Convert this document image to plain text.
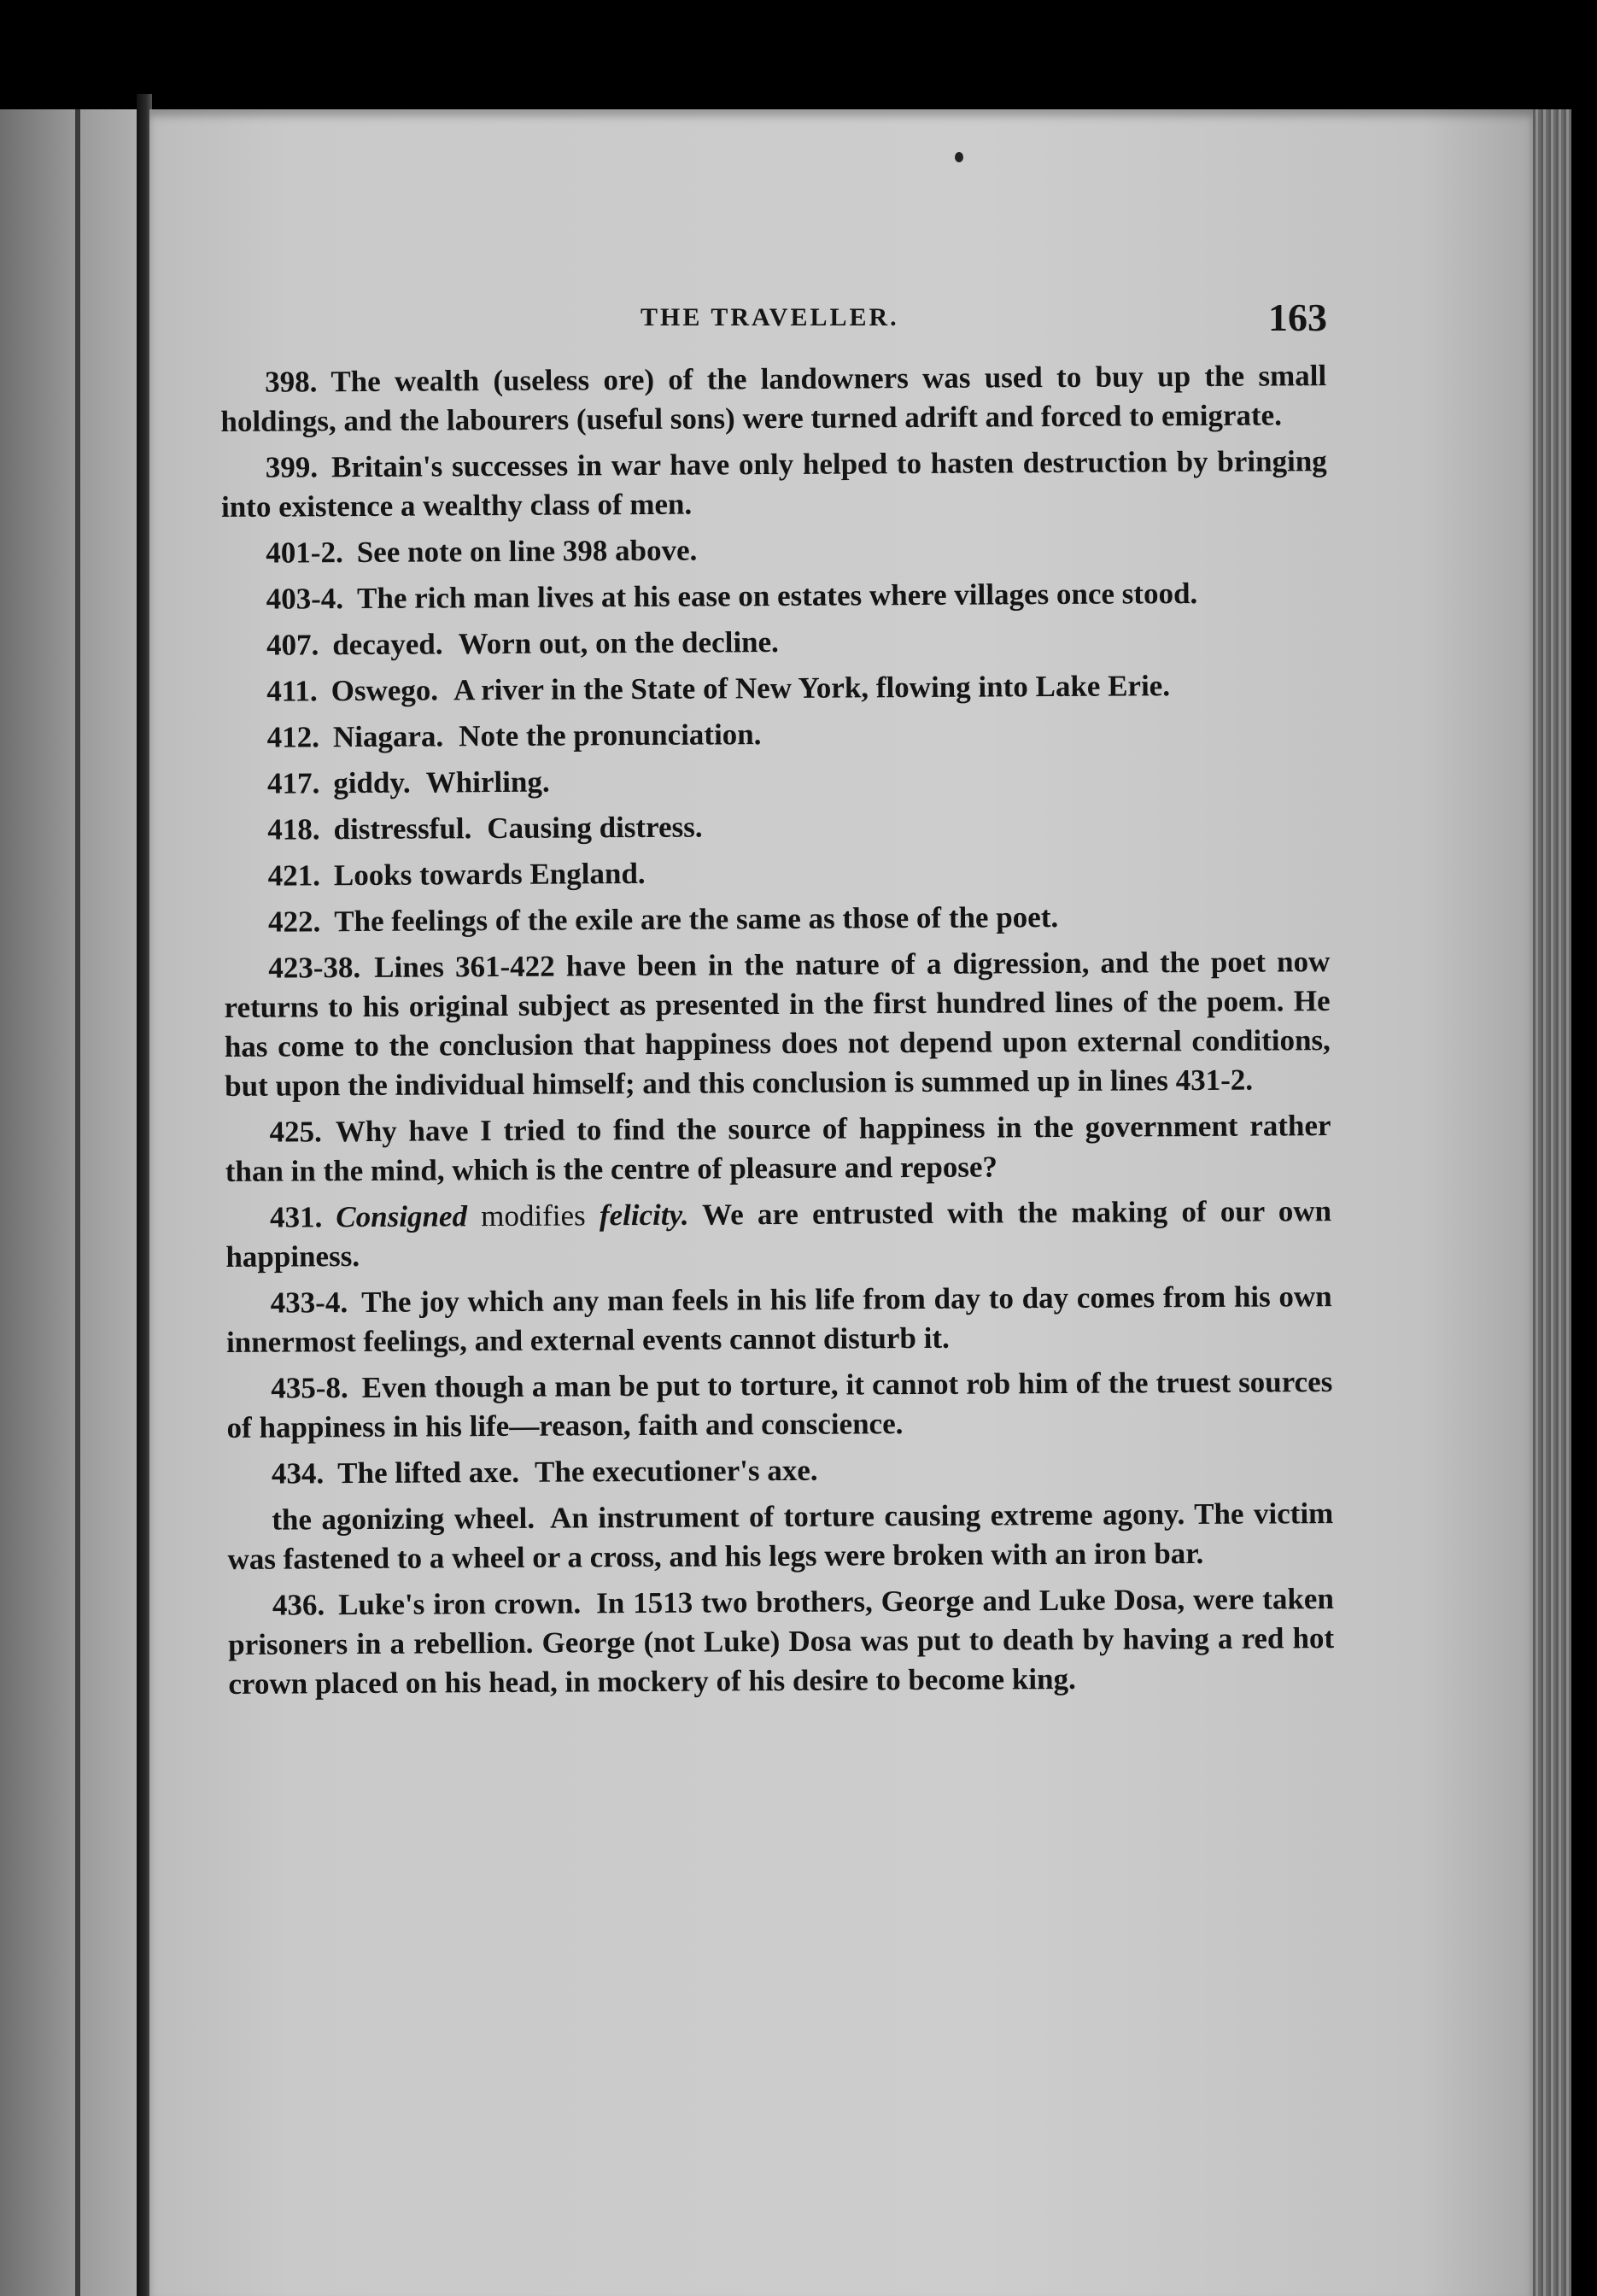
THE TRAVELLER.	163

398. The wealth (useless ore) of the landowners was used to buy up the small holdings, and the labourers (useful sons) were turned adrift and forced to emigrate.

399. Britain's successes in war have only helped to hasten destruction by bringing into existence a wealthy class of men.

401-2. See note on line 398 above.

403-4. The rich man lives at his ease on estates where villages once stood.

407. decayed. Worn out, on the decline.

411. Oswego. A river in the State of New York, flowing into Lake Erie.

412. Niagara. Note the pronunciation.

417. giddy. Whirling.

418. distressful. Causing distress.

421. Looks towards England.

422. The feelings of the exile are the same as those of the poet.

423-38. Lines 361-422 have been in the nature of a digression, and the poet now returns to his original subject as presented in the first hundred lines of the poem. He has come to the conclusion that happiness does not depend upon external conditions, but upon the individual himself; and this conclusion is summed up in lines 431-2.

425. Why have I tried to find the source of happiness in the government rather than in the mind, which is the centre of pleasure and repose?

431. Consigned modifies felicity. We are entrusted with the making of our own happiness.

433-4. The joy which any man feels in his life from day to day comes from his own innermost feelings, and external events cannot disturb it.

435-8. Even though a man be put to torture, it cannot rob him of the truest sources of happiness in his life—reason, faith and conscience.

434. The lifted axe. The executioner's axe.

the agonizing wheel. An instrument of torture causing extreme agony. The victim was fastened to a wheel or a cross, and his legs were broken with an iron bar.

436. Luke's iron crown. In 1513 two brothers, George and Luke Dosa, were taken prisoners in a rebellion. George (not Luke) Dosa was put to death by having a red hot crown placed on his head, in mockery of his desire to become king.
